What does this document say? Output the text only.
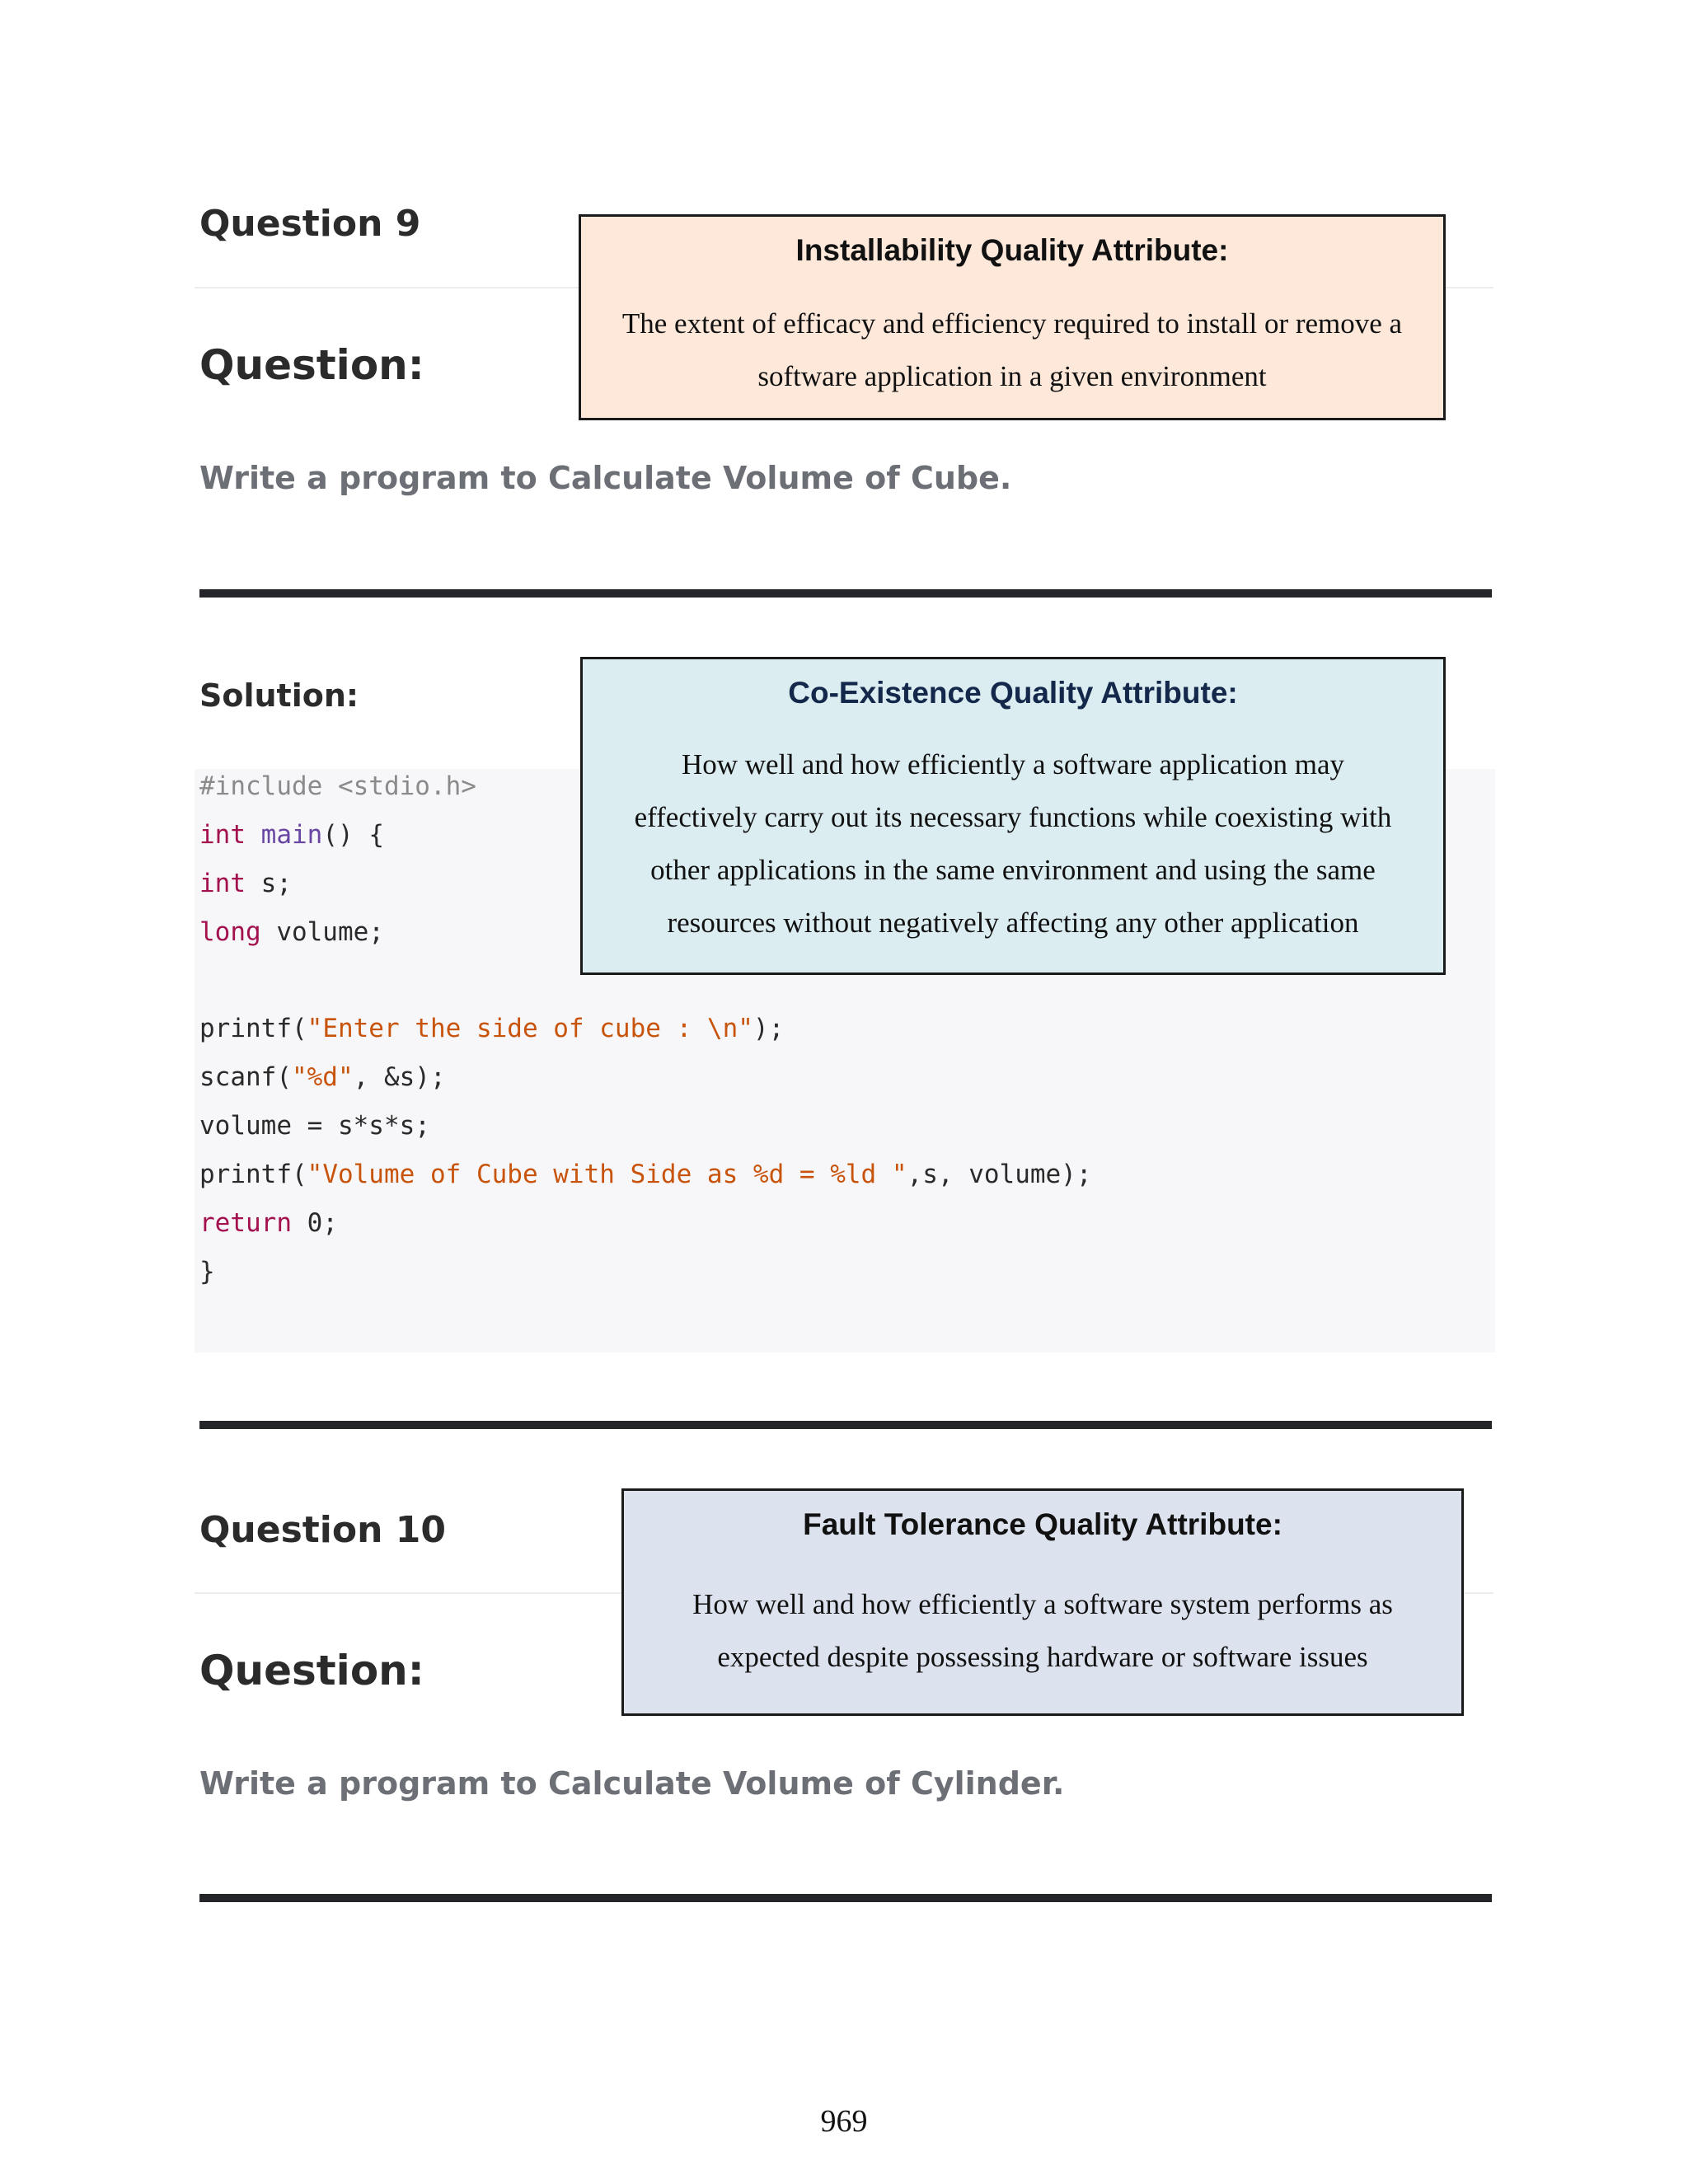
Question 9
Question:
Installability Quality Attribute:
The extent of efficacy and efficiency required to install or remove a
software application in a given environment

Write a program to Calculate Volume of Cube.

Solution:
#include <stdio.h>
int main() {
int s;
long volume;
printf("Enter the side of cube : \n");
scanf("%d", &s);
volume = s*s*s;
printf("Volume of Cube with Side as %d = %ld ",s, volume);
return 0;
}
Co-Existence Quality Attribute:
How well and how efficiently a software application may
effectively carry out its necessary functions while coexisting with
other applications in the same environment and using the same
resources without negatively affecting any other application
Question 10
Question:
Fault Tolerance Quality Attribute:
How well and how efficiently a software system performs as
expected despite possessing hardware or software issues

Write a program to Calculate Volume of Cylinder.

969
